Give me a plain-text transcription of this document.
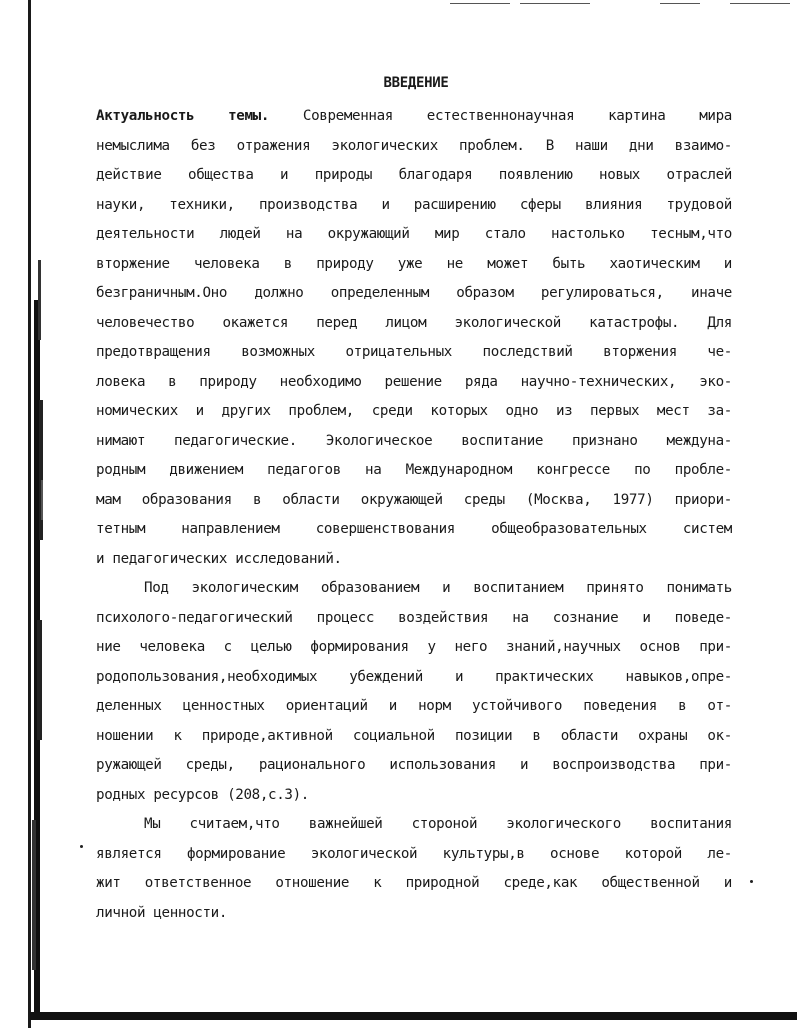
ВВЕДЕНИЕ
Актуальность темы. Современная естественнонаучная картина мира
немыслима без отражения экологических проблем. В наши дни взаимо-
действие общества и природы благодаря появлению новых отраслей
науки, техники, производства и расширению сферы влияния трудовой
деятельности людей на окружающий мир стало настолько тесным,что
вторжение человека в природу уже не может быть хаотическим и
безграничным.Оно должно определенным образом регулироваться, иначе
человечество окажется перед лицом экологической катастрофы. Для
предотвращения возможных отрицательных последствий вторжения че-
ловека в природу необходимо решение ряда научно-технических, эко-
номических и других проблем, среди которых одно из первых мест за-
нимают педагогические. Экологическое воспитание признано междуна-
родным движением педагогов на Международном конгрессе по пробле-
мам образования в области окружающей среды (Москва, 1977) приори-
тетным направлением совершенствования общеобразовательных систем
и педагогических исследований.
Под экологическим образованием и воспитанием принято понимать
психолого-педагогический процесс воздействия на сознание и поведе-
ние человека с целью формирования у него знаний,научных основ при-
родопользования,необходимых убеждений и практических навыков,опре-
деленных ценностных ориентаций и норм устойчивого поведения в от-
ношении к природе,активной социальной позиции в области охраны ок-
ружающей среды, рационального использования и воспроизводства при-
родных ресурсов (208,с.3).
Мы считаем,что важнейшей стороной экологического воспитания
является формирование экологической культуры,в основе которой ле-
жит ответственное отношение к природной среде,как общественной и
личной ценности.
